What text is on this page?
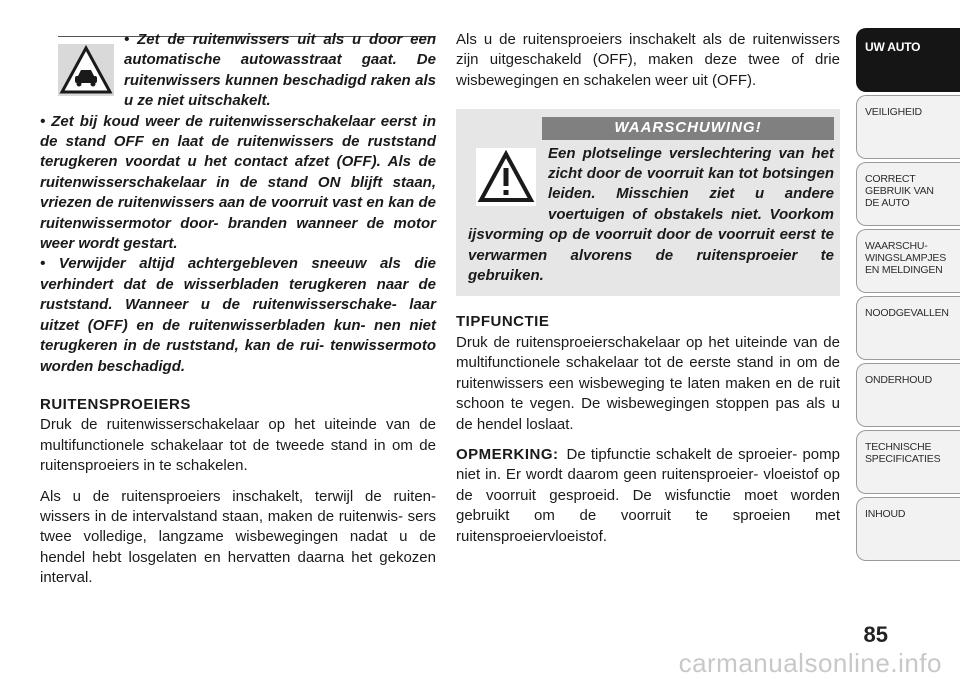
• Zet de ruitenwissers uit als u door een automatische autowasstraat gaat. De ruitenwissers kunnen beschadigd raken als u ze niet uitschakelt.

• Zet bij koud weer de ruitenwisserschakelaar eerst in de stand OFF en laat de ruitenwissers de ruststand terugkeren voordat u het contact afzet (OFF). Als de ruitenwisserschakelaar in de stand ON blijft staan, vriezen de ruitenwissers aan de voorruit vast en kan de ruitenwissermotor door- branden wanneer de motor weer wordt gestart.

• Verwijder altijd achtergebleven sneeuw als die verhindert dat de wisserbladen terugkeren naar de ruststand. Wanneer u de ruitenwisserschake- laar uitzet (OFF) en de ruitenwisserbladen kun- nen niet terugkeren in de ruststand, kan de rui- tenwissermoto worden beschadigd.

RUITENSPROEIERS

Druk de ruitenwisserschakelaar op het uiteinde van de multifunctionele schakelaar tot de tweede stand in om de ruitensproeiers in te schakelen.

Als u de ruitensproeiers inschakelt, terwijl de ruiten- wissers in de intervalstand staan, maken de ruitenwis- sers twee volledige, langzame wisbewegingen nadat u de hendel hebt losgelaten en hervatten daarna het gekozen interval.

Als u de ruitensproeiers inschakelt als de ruitenwissers zijn uitgeschakeld (OFF), maken deze twee of drie wisbewegingen en schakelen weer uit (OFF).

WAARSCHUWING!

Een plotselinge verslechtering van het zicht door de voorruit kan tot botsingen leiden. Misschien ziet u andere voertuigen of obstakels niet. Voorkom ijsvorming op de voorruit door de voorruit eerst te verwarmen alvorens de ruitensproeier te gebruiken.

TIPFUNCTIE

Druk de ruitensproeierschakelaar op het uiteinde van de multifunctionele schakelaar tot de eerste stand in om de ruitenwissers een wisbeweging te laten maken en de ruit schoon te vegen. De wisbewegingen stoppen pas als u de hendel loslaat.

OPMERKING: De tipfunctie schakelt de sproeier- pomp niet in. Er wordt daarom geen ruitensproeier- vloeistof op de voorruit gesproeid. De wisfunctie moet worden gebruikt om de voorruit te sproeien met ruitensproeiervloeistof.

UW AUTO
VEILIGHEID
CORRECT
GEBRUIK VAN
DE AUTO
WAARSCHU-
WINGSLAMPJES
EN MELDINGEN
NOODGEVALLEN
ONDERHOUD
TECHNISCHE
SPECIFICATIES
INHOUD
85
carmanualsonline.info
